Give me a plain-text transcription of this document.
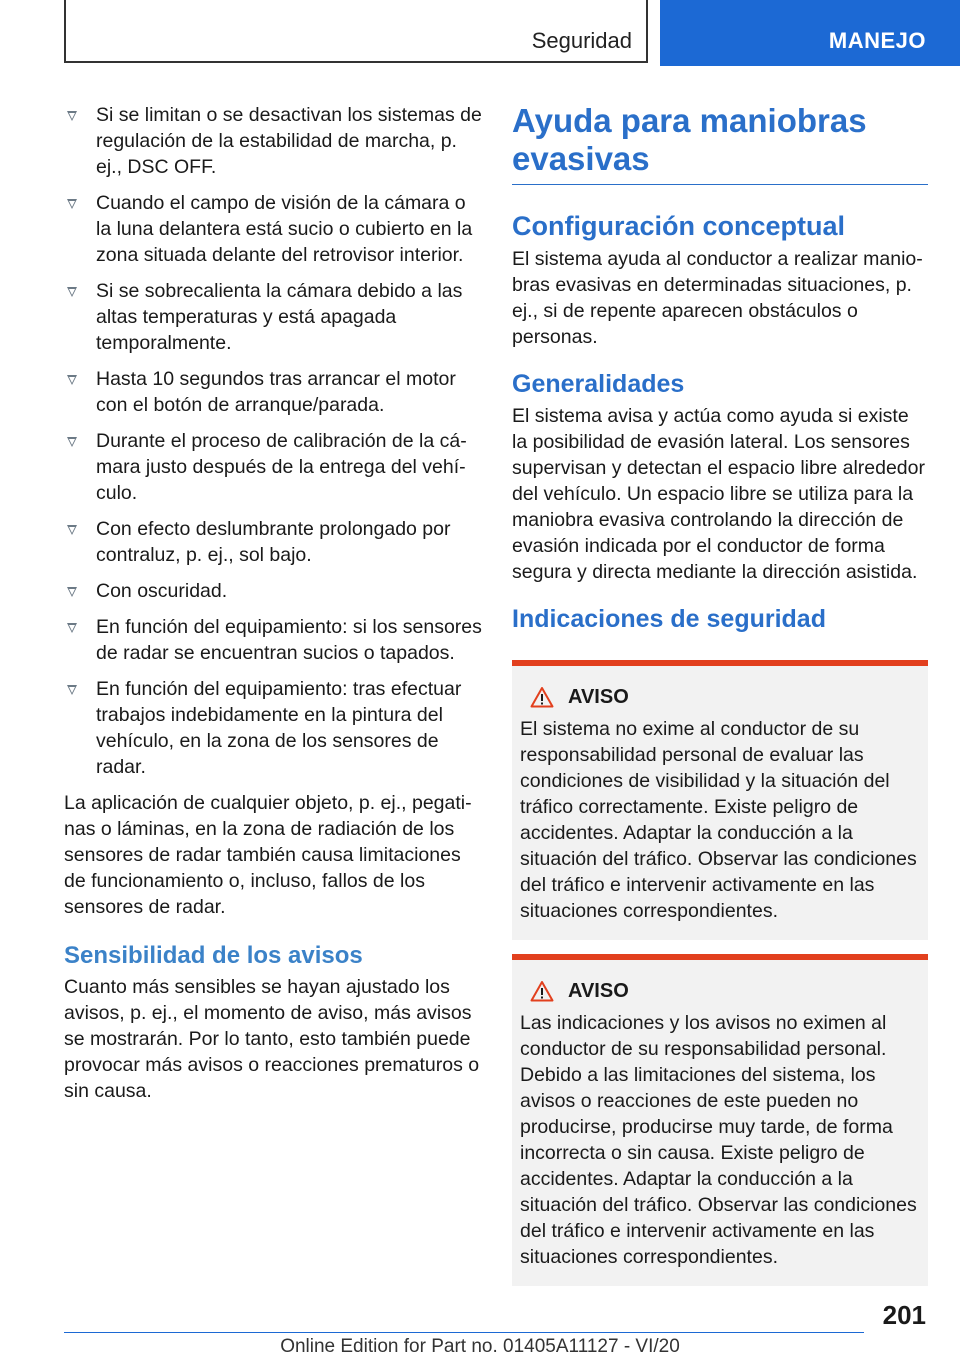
Seguridad	MANEJO
Si se limitan o se desactivan los sistemas de regulación de la estabilidad de marcha, p. ej., DSC OFF.
Cuando el campo de visión de la cámara o la luna delantera está sucio o cubierto en la zona situada delante del retrovisor interior.
Si se sobrecalienta la cámara debido a las altas temperaturas y está apagada temporalmente.
Hasta 10 segundos tras arrancar el motor con el botón de arranque/parada.
Durante el proceso de calibración de la cámara justo después de la entrega del vehículo.
Con efecto deslumbrante prolongado por contraluz, p. ej., sol bajo.
Con oscuridad.
En función del equipamiento: si los sensores de radar se encuentran sucios o tapados.
En función del equipamiento: tras efectuar trabajos indebidamente en la pintura del vehículo, en la zona de los sensores de radar.

La aplicación de cualquier objeto, p. ej., pegatinas o láminas, en la zona de radiación de los sensores de radar también causa limitaciones de funcionamiento o, incluso, fallos de los sensores de radar.

Sensibilidad de los avisos

Cuanto más sensibles se hayan ajustado los avisos, p. ej., el momento de aviso, más avisos se mostrarán. Por lo tanto, esto también puede provocar más avisos o reacciones prematuros o sin causa.

Ayuda para maniobras evasivas
Configuración conceptual

El sistema ayuda al conductor a realizar maniobras evasivas en determinadas situaciones, p. ej., si de repente aparecen obstáculos o personas.

Generalidades

El sistema avisa y actúa como ayuda si existe la posibilidad de evasión lateral. Los sensores supervisan y detectan el espacio libre alrededor del vehículo. Un espacio libre se utiliza para la maniobra evasiva controlando la dirección de evasión indicada por el conductor de forma segura y directa mediante la dirección asistida.

Indicaciones de seguridad
AVISO

El sistema no exime al conductor de su responsabilidad personal de evaluar las condiciones de visibilidad y la situación del tráfico correctamente. Existe peligro de accidentes. Adaptar la conducción a la situación del tráfico. Observar las condiciones del tráfico e intervenir activamente en las situaciones correspondientes.

AVISO

Las indicaciones y los avisos no eximen al conductor de su responsabilidad personal. Debido a las limitaciones del sistema, los avisos o reacciones de este pueden no producirse, producirse muy tarde, de forma incorrecta o sin causa. Existe peligro de accidentes. Adaptar la conducción a la situación del tráfico. Observar las condiciones del tráfico e intervenir activamente en las situaciones correspondientes.

201
Online Edition for Part no. 01405A11127 - VI/20
